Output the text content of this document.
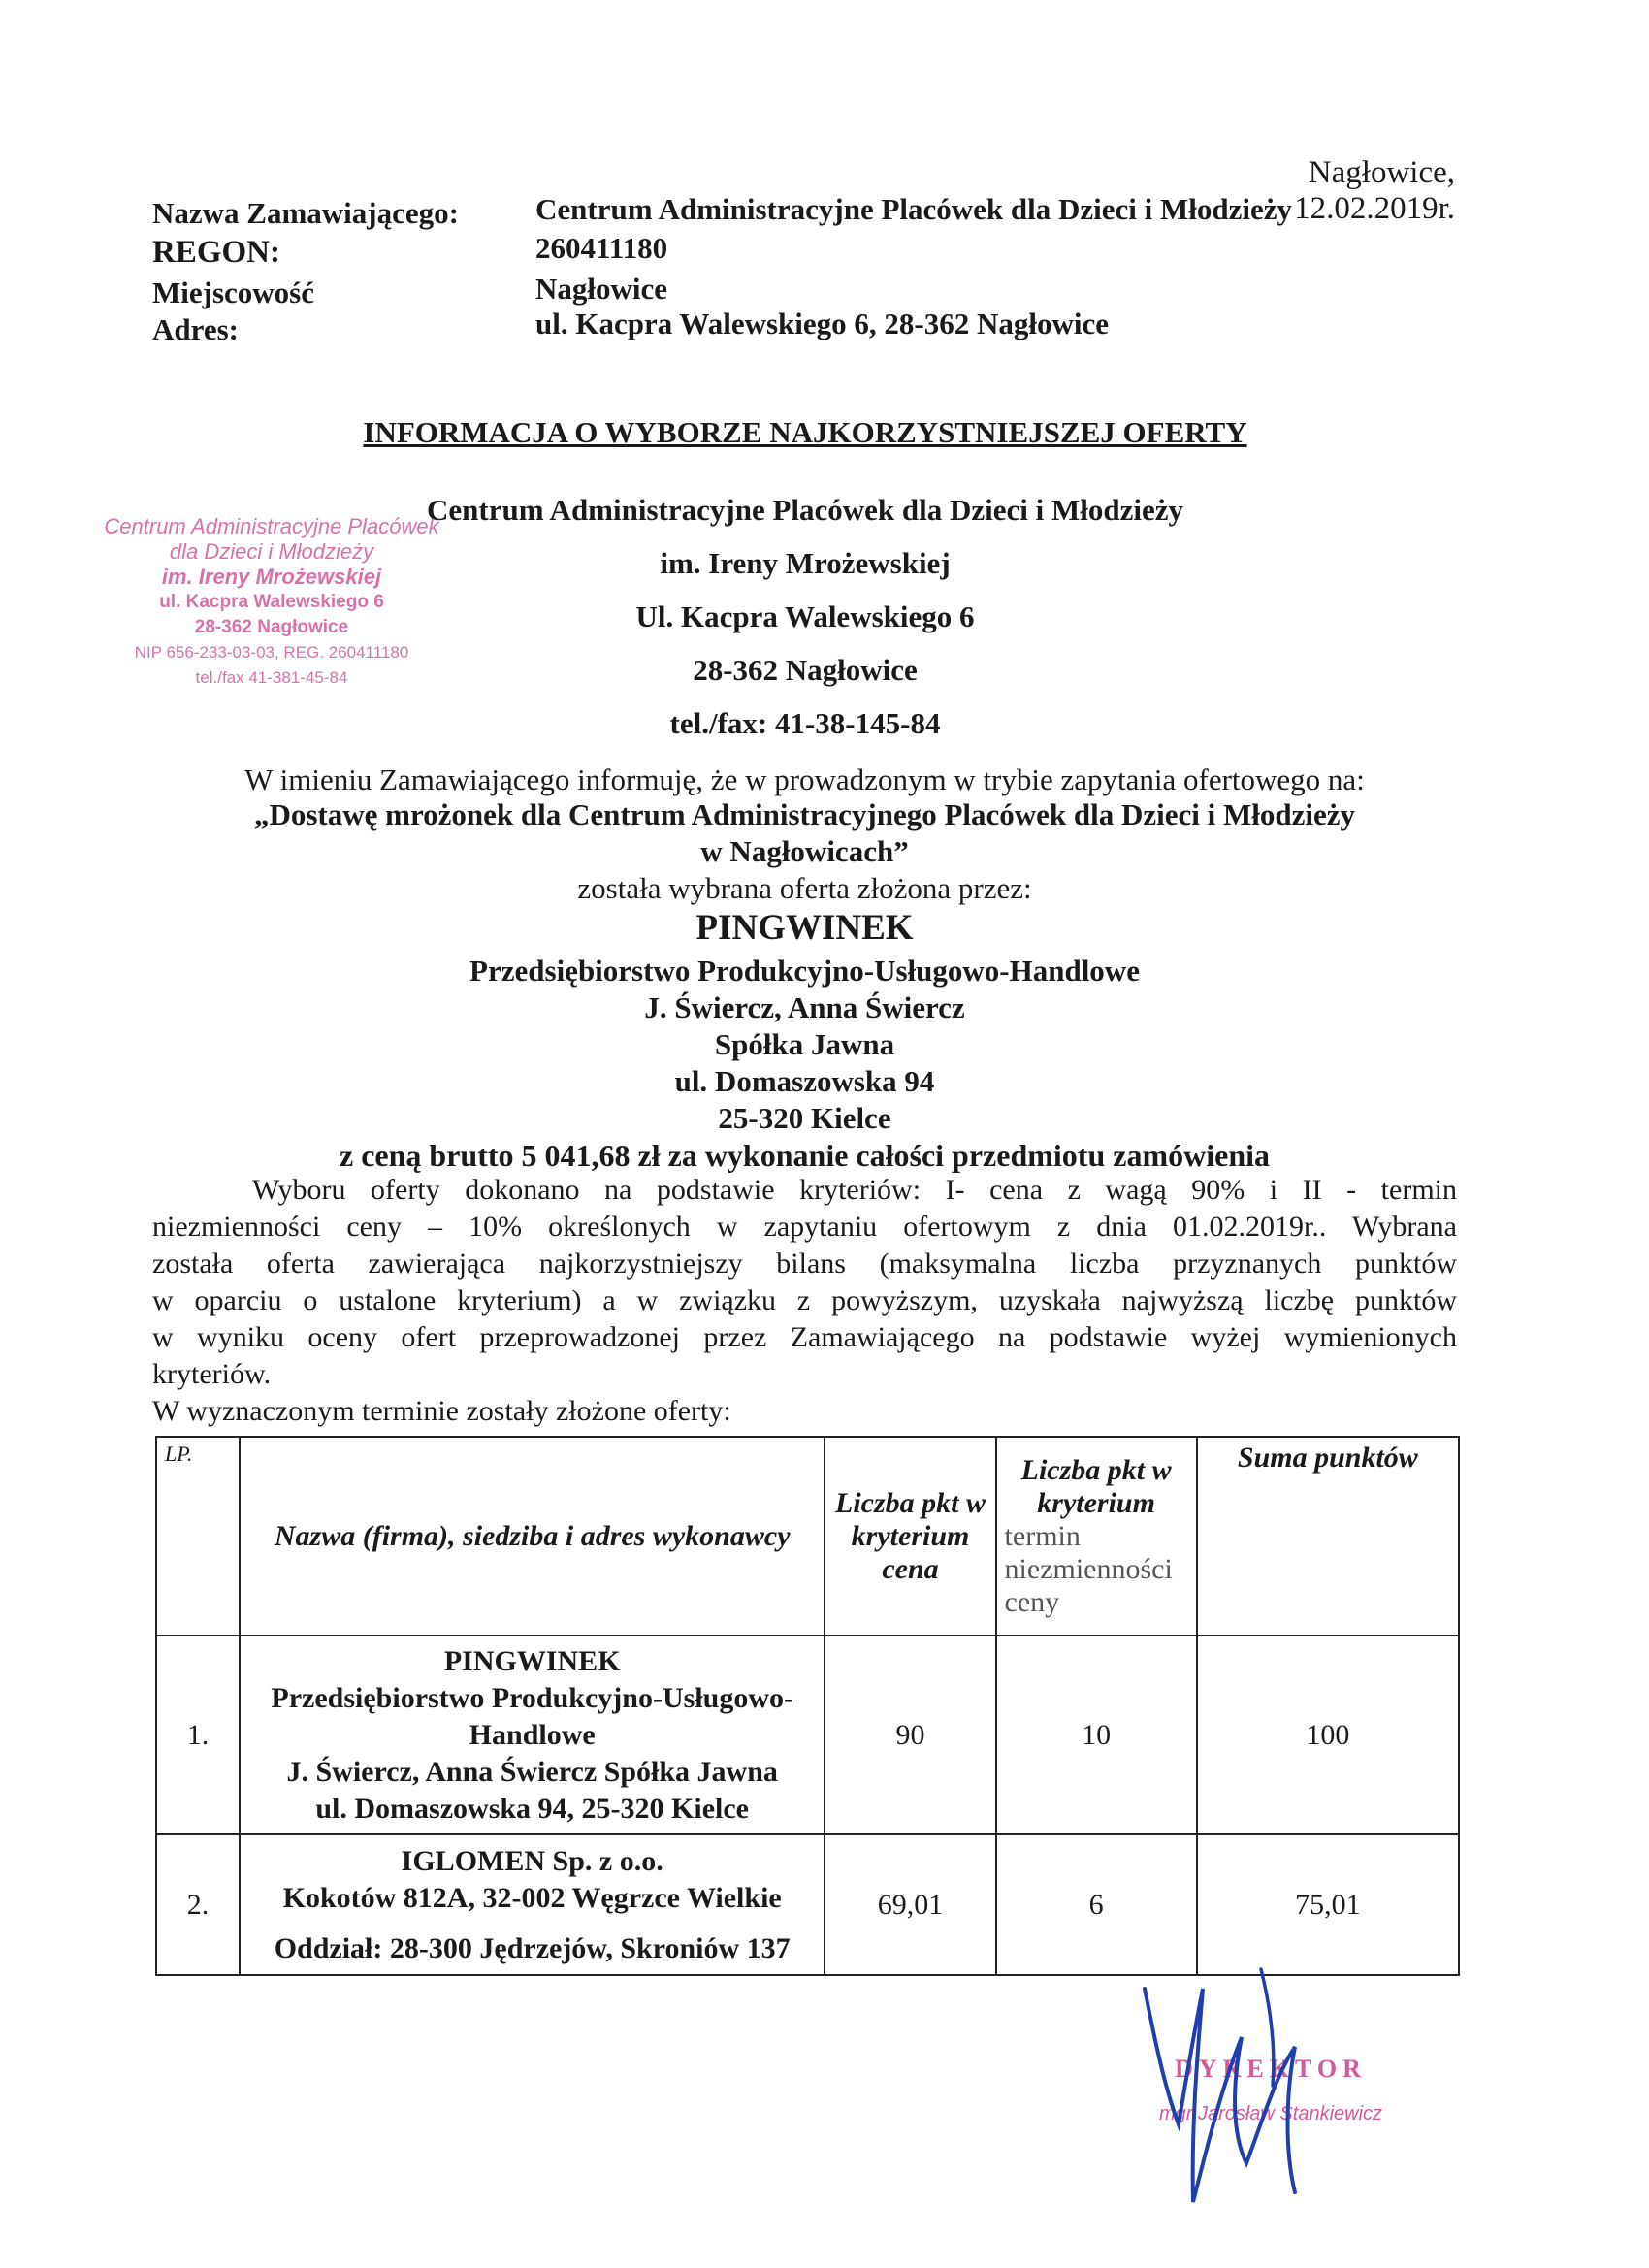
Nagłowice, 12.02.2019r.
Nazwa Zamawiającego:	Centrum Administracyjne Placówek dla Dzieci i Młodzieży
REGON:	260411180
Miejscowość	Nagłowice
Adres:	ul. Kacpra Walewskiego 6, 28-362 Nagłowice
INFORMACJA O WYBORZE NAJKORZYSTNIEJSZEJ OFERTY
Centrum Administracyjne Placówek
dla Dzieci i Młodzieży
im. Ireny Mrożewskiej
ul. Kacpra Walewskiego 6
28-362 Nagłowice
NIP 656-233-03-03, REG. 260411180
tel./fax 41-381-45-84
Centrum Administracyjne Placówek dla Dzieci i Młodzieży
im. Ireny Mrożewskiej
Ul. Kacpra Walewskiego 6
28-362 Nagłowice
tel./fax: 41-38-145-84
W imieniu Zamawiającego informuję, że w prowadzonym w trybie zapytania ofertowego na:
„Dostawę mrożonek dla Centrum Administracyjnego Placówek dla Dzieci i Młodzieży
w Nagłowicach”
została wybrana oferta złożona przez:
PINGWINEK
Przedsiębiorstwo Produkcyjno-Usługowo-Handlowe
J. Świercz, Anna Świercz
Spółka Jawna
ul. Domaszowska 94
25-320 Kielce
z ceną brutto 5 041,68 zł za wykonanie całości przedmiotu zamówienia
Wyboru oferty dokonano na podstawie kryteriów: I- cena z wagą 90% i II - termin
niezmienności ceny – 10% określonych w zapytaniu ofertowym z dnia 01.02.2019r.. Wybrana
została oferta zawierająca najkorzystniejszy bilans (maksymalna liczba przyznanych punktów
w oparciu o ustalone kryterium) a w związku z powyższym, uzyskała najwyższą liczbę punktów
w wyniku oceny ofert przeprowadzonej przez Zamawiającego na podstawie wyżej wymienionych
kryteriów.
W wyznaczonym terminie zostały złożone oferty:
LP.	Nazwa (firma), siedziba i adres wykonawcy	Liczba pkt w kryterium cena	Liczba pkt w kryterium
termin niezmienności ceny	Suma punktów
1.	PINGWINEK
Przedsiębiorstwo Produkcyjno-Usługowo-Handlowe
J. Świercz, Anna Świercz Spółka Jawna
ul. Domaszowska 94, 25-320 Kielce	90	10	100
2.	IGLOMEN Sp. z o.o.
Kokotów 812A, 32-002 Węgrzce Wielkie
Oddział: 28-300 Jędrzejów, Skroniów 137	69,01	6	75,01
DYREKTOR
mgr Jarosław Stankiewicz
